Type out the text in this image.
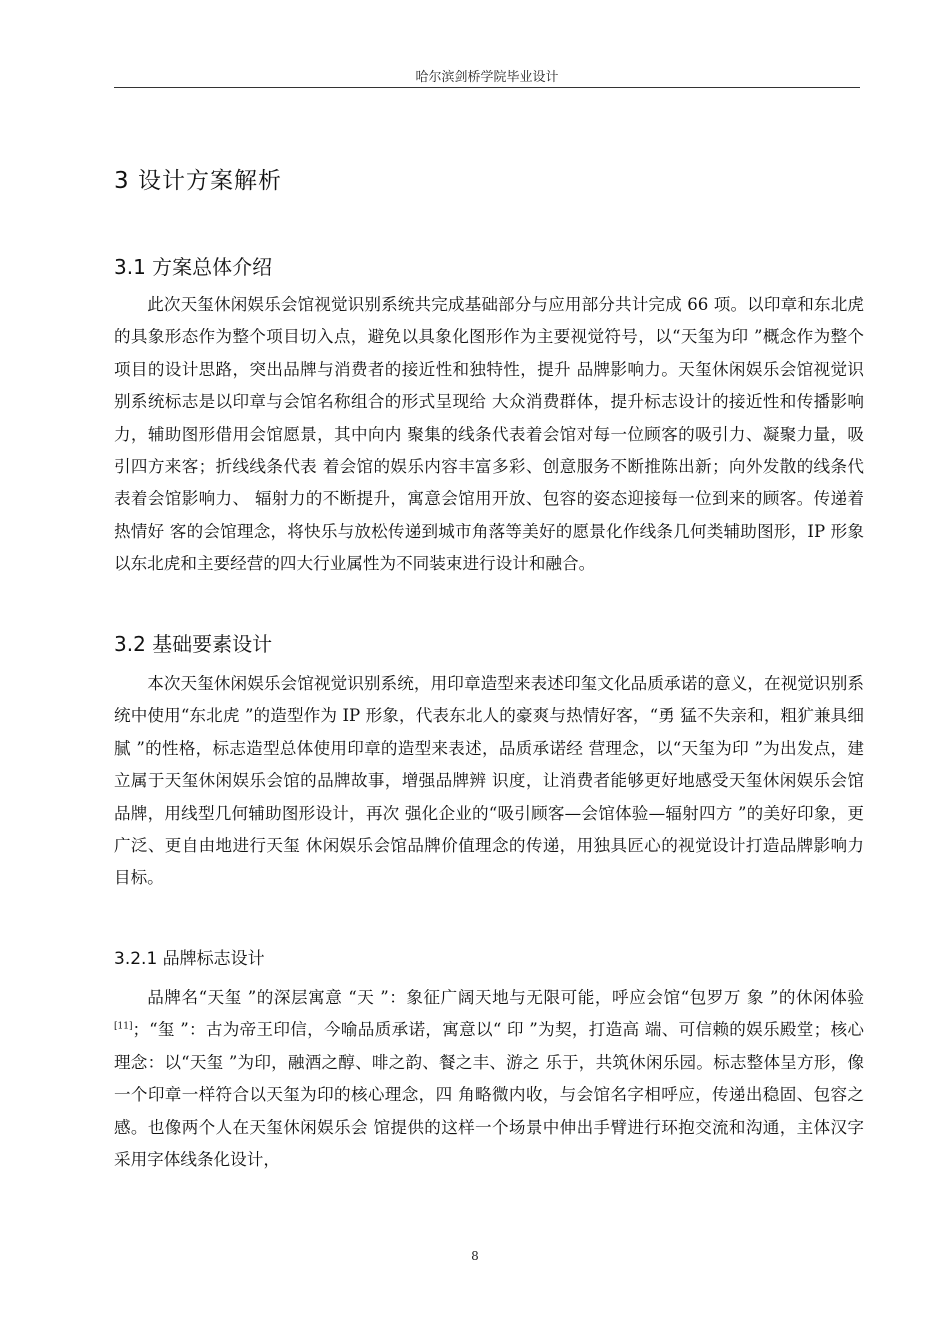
哈尔滨剑桥学院毕业设计
3 设计方案解析
3.1 方案总体介绍

此次天玺休闲娱乐会馆视觉识别系统共完成基础部分与应用部分共计完成 66 项。以印章和东北虎的具象形态作为整个项目切入点，避免以具象化图形作为主要视觉符号，以“天玺为印 ”概念作为整个项目的设计思路，突出品牌与消费者的接近性和独特性，提升 品牌影响力。天玺休闲娱乐会馆视觉识别系统标志是以印章与会馆名称组合的形式呈现给 大众消费群体，提升标志设计的接近性和传播影响力，辅助图形借用会馆愿景，其中向内 聚集的线条代表着会馆对每一位顾客的吸引力、凝聚力量，吸引四方来客；折线线条代表 着会馆的娱乐内容丰富多彩、创意服务不断推陈出新；向外发散的线条代表着会馆影响力、 辐射力的不断提升，寓意会馆用开放、包容的姿态迎接每一位到来的顾客。传递着热情好 客的会馆理念，将快乐与放松传递到城市角落等美好的愿景化作线条几何类辅助图形，IP 形象以东北虎和主要经营的四大行业属性为不同装束进行设计和融合。

3.2 基础要素设计

本次天玺休闲娱乐会馆视觉识别系统，用印章造型来表述印玺文化品质承诺的意义，在视觉识别系统中使用“东北虎 ”的造型作为 IP 形象，代表东北人的豪爽与热情好客，“勇 猛不失亲和，粗犷兼具细腻 ”的性格，标志造型总体使用印章的造型来表述，品质承诺经 营理念，以“天玺为印 ”为出发点，建立属于天玺休闲娱乐会馆的品牌故事，增强品牌辨 识度，让消费者能够更好地感受天玺休闲娱乐会馆品牌，用线型几何辅助图形设计，再次 强化企业的“吸引顾客—会馆体验—辐射四方 ”的美好印象，更广泛、更自由地进行天玺 休闲娱乐会馆品牌价值理念的传递，用独具匠心的视觉设计打造品牌影响力目标。

3.2.1 品牌标志设计

品牌名“天玺 ”的深层寓意 “天 ”：象征广阔天地与无限可能，呼应会馆“包罗万 象 ”的休闲体验[11]；“玺 ”：古为帝王印信，今喻品质承诺，寓意以“ 印 ”为契，打造高 端、可信赖的娱乐殿堂；核心理念：以“天玺 ”为印，融酒之醇、啡之韵、餐之丰、游之 乐于，共筑休闲乐园。标志整体呈方形，像一个印章一样符合以天玺为印的核心理念，四 角略微内收，与会馆名字相呼应，传递出稳固、包容之感。也像两个人在天玺休闲娱乐会 馆提供的这样一个场景中伸出手臂进行环抱交流和沟通，主体汉字采用字体线条化设计，

8
